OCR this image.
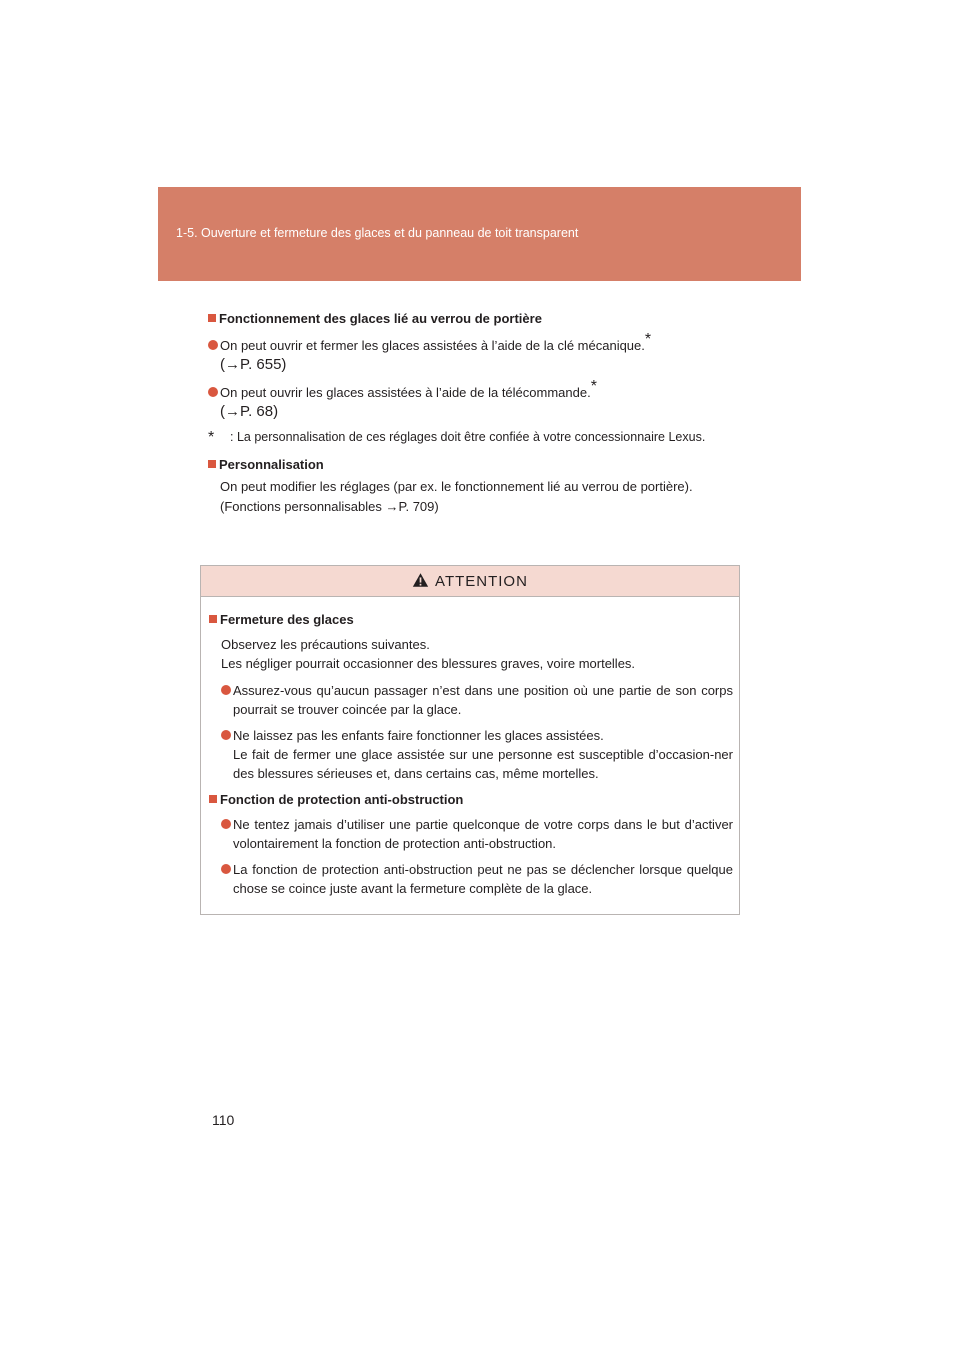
1-5. Ouverture et fermeture des glaces et du panneau de toit transparent
Fonctionnement des glaces lié au verrou de portière
On peut ouvrir et fermer les glaces assistées à l’aide de la clé mécanique.*
(→P. 655)
On peut ouvrir les glaces assistées à l’aide de la télécommande.*
(→P. 68)
* : La personnalisation de ces réglages doit être confiée à votre concessionnaire Lexus.
Personnalisation
On peut modifier les réglages (par ex. le fonctionnement lié au verrou de portière).
(Fonctions personnalisables →P. 709)
ATTENTION
Fermeture des glaces
Observez les précautions suivantes.
Les négliger pourrait occasionner des blessures graves, voire mortelles.
Assurez-vous qu’aucun passager n’est dans une position où une partie de son corps pourrait se trouver coincée par la glace.
Ne laissez pas les enfants faire fonctionner les glaces assistées.
Le fait de fermer une glace assistée sur une personne est susceptible d’occasion-ner des blessures sérieuses et, dans certains cas, même mortelles.
Fonction de protection anti-obstruction
Ne tentez jamais d’utiliser une partie quelconque de votre corps dans le but d’activer volontairement la fonction de protection anti-obstruction.
La fonction de protection anti-obstruction peut ne pas se déclencher lorsque quelque chose se coince juste avant la fermeture complète de la glace.
110
